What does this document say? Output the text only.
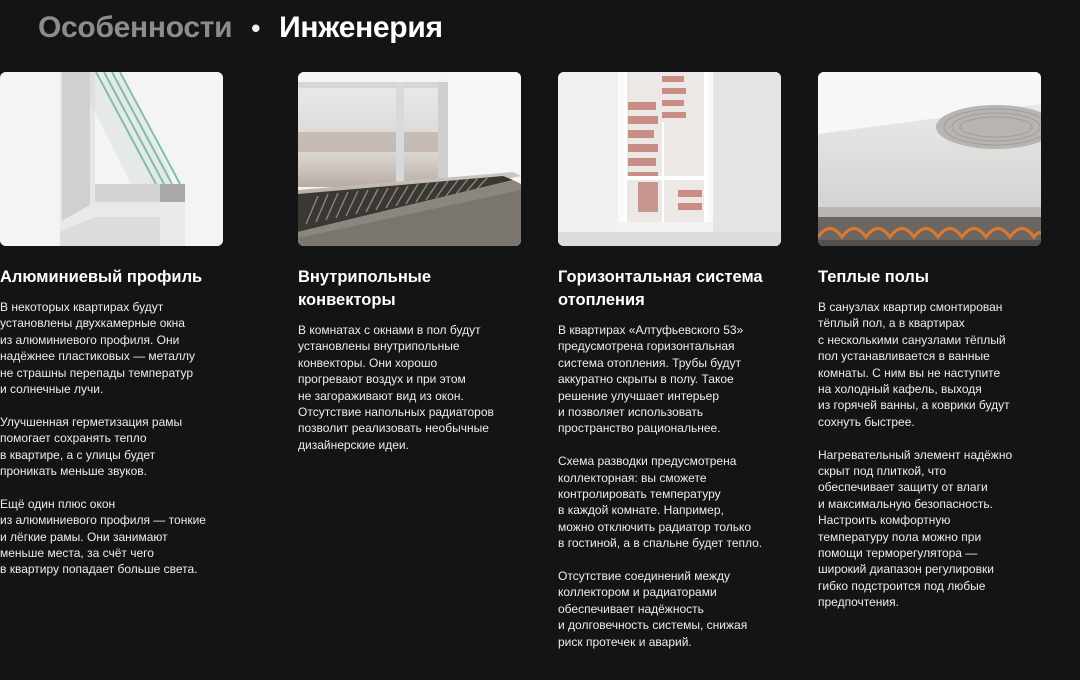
Особенности • Инженерия
Внутрипольные
конвекторы

В комнатах с окнами в пол будут
установлены внутрипольные
конвекторы. Они хорошо
прогревают воздух и при этом
не загораживают вид из окон.
Отсутствие напольных радиаторов
позволит реализовать необычные
дизайнерские идеи.

Горизонтальная система
отопления

В квартирах «Алтуфьевского 53»
предусмотрена горизонтальная
система отопления. Трубы будут
аккуратно скрыты в полу. Такое
решение улучшает интерьер
и позволяет использовать
пространство рациональнее.

Схема разводки предусмотрена
коллекторная: вы сможете
контролировать температуру
в каждой комнате. Например,
можно отключить радиатор только
в гостиной, а в спальне будет тепло.

Отсутствие соединений между
коллектором и радиаторами
обеспечивает надёжность
и долговечность системы, снижая
риск протечек и аварий.

Теплые полы

В санузлах квартир смонтирован
тёплый пол, а в квартирах
с несколькими санузлами тёплый
пол устанавливается в ванные
комнаты. С ним вы не наступите
на холодный кафель, выходя
из горячей ванны, а коврики будут
сохнуть быстрее.

Нагревательный элемент надёжно
скрыт под плиткой, что
обеспечивает защиту от влаги
и максимальную безопасность.
Настроить комфортную
температуру пола можно при
помощи терморегулятора —
широкий диапазон регулировки
гибко подстроится под любые
предпочтения.

Алюминиевый профиль

В некоторых квартирах будут
установлены двухкамерные окна
из алюминиевого профиля. Они
надёжнее пластиковых — металлу
не страшны перепады температур
и солнечные лучи.

Улучшенная герметизация рамы
помогает сохранять тепло
в квартире, а с улицы будет
проникать меньше звуков.

Ещё один плюс окон
из алюминиевого профиля — тонкие
и лёгкие рамы. Они занимают
меньше места, за счёт чего
в квартиру попадает больше света.
